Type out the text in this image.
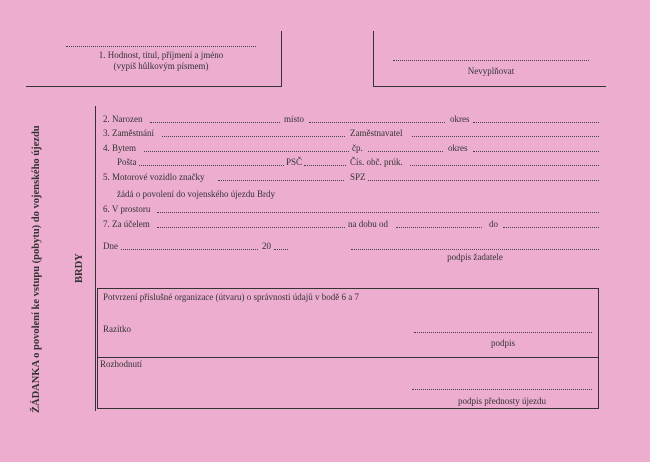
1. Hodnost, titul, příjmení a jméno
(vypiš hůlkovým písmem)	Nevyplňovat
ŽÁDANKA o povolení ke vstupu (pobytu) do vojenského újezdu	BRDY
2. Narozen	místo	okres
3. Zaměstnání	Zaměstnavatel
4. Bytem	čp.	okres
Pošta	PSČ	Čís. obč. prúk.
5. Motorové vozidlo značky	SPZ
žádá o povolení do vojenského újezdu Brdy
6. V prostoru
7. Za účelem	na dobu od	do
Dne	20
podpis žadatele
Potvrzení příslušné organizace (útvaru) o správnosti údajů v bodě 6 a 7
Razítko
podpis
Rozhodnutí
podpis přednosty újezdu
